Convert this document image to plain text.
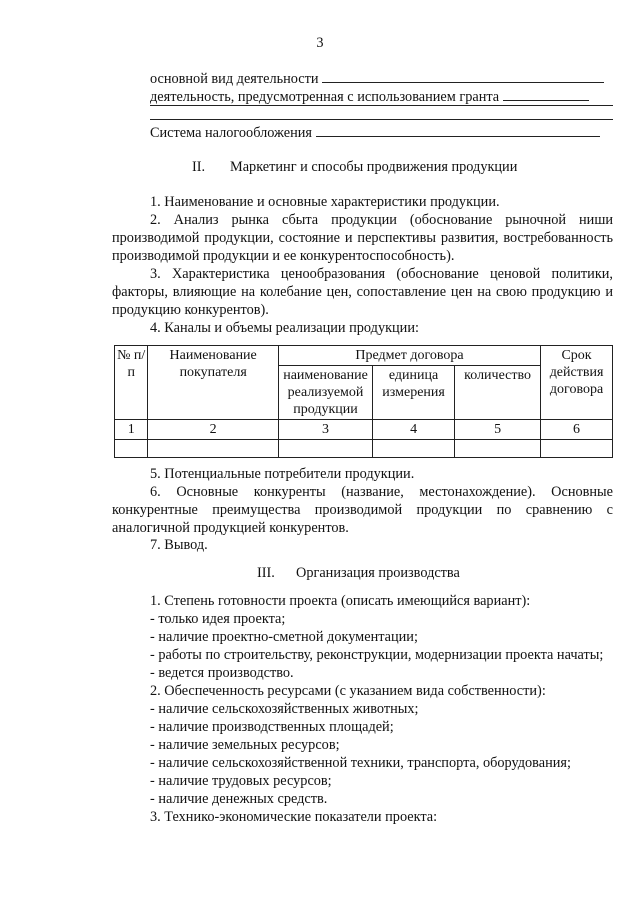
3
основной вид деятельности
деятельность, предусмотренная с использованием гранта
Система налогообложения
II. Маркетинг и способы продвижения продукции
1. Наименование и основные характеристики продукции.
2. Анализ рынка сбыта продукции (обоснование рыночной ниши производимой продукции, состояние и перспективы развития, востребованность производимой продукции и ее конкурентоспособность).
3. Характеристика ценообразования (обоснование ценовой политики, факторы, влияющие на колебание цен, сопоставление цен на свою продукцию и продукцию конкурентов).
4. Каналы и объемы реализации продукции:
№ п/п	Наименование покупателя	Предмет договора			Срок действия договора
		наименование реализуемой продукции	единица измерения	количество	
1	2	3	4	5	6

5. Потенциальные потребители продукции.
6. Основные конкуренты (название, местонахождение). Основные конкурентные преимущества производимой продукции по сравнению с аналогичной продукцией конкурентов.
7. Вывод.
III. Организация производства
1. Степень готовности проекта (описать имеющийся вариант):
- только идея проекта;
- наличие проектно-сметной документации;
- работы по строительству, реконструкции, модернизации проекта начаты;
- ведется производство.
2. Обеспеченность ресурсами (с указанием вида собственности):
- наличие сельскохозяйственных животных;
- наличие производственных площадей;
- наличие земельных ресурсов;
- наличие сельскохозяйственной техники, транспорта, оборудования;
- наличие трудовых ресурсов;
- наличие денежных средств.
3. Технико-экономические показатели проекта:
